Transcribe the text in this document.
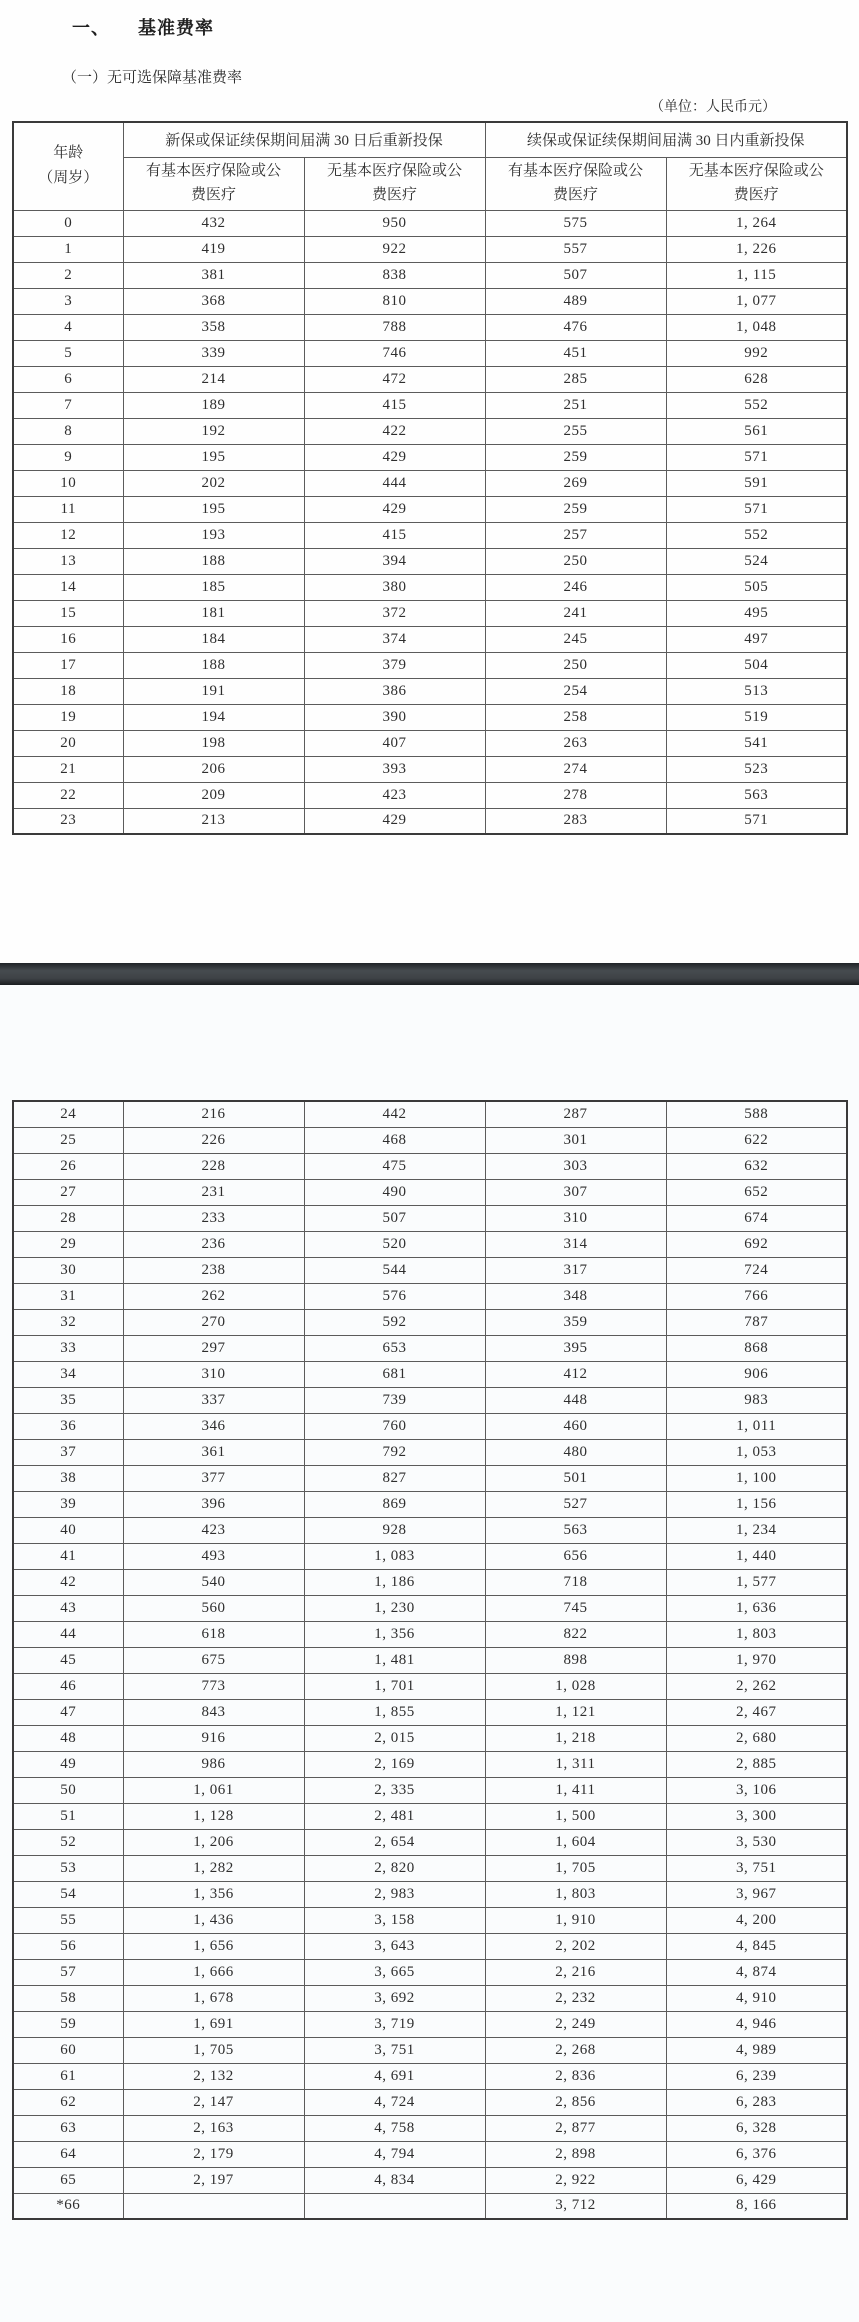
一、 基准费率
（一）无可选保障基准费率
（单位：人民币元）
年龄
（周岁）	新保或保证续保期间届满 30 日后重新投保		续保或保证续保期间届满 30 日内重新投保	
	有基本医疗保险或公费医疗	无基本医疗保险或公费医疗	有基本医疗保险或公费医疗	无基本医疗保险或公费医疗
0	432	950	575	1, 264
1	419	922	557	1, 226
2	381	838	507	1, 115
3	368	810	489	1, 077
4	358	788	476	1, 048
5	339	746	451	992
6	214	472	285	628
7	189	415	251	552
8	192	422	255	561
9	195	429	259	571
10	202	444	269	591
11	195	429	259	571
12	193	415	257	552
13	188	394	250	524
14	185	380	246	505
15	181	372	241	495
16	184	374	245	497
17	188	379	250	504
18	191	386	254	513
19	194	390	258	519
20	198	407	263	541
21	206	393	274	523
22	209	423	278	563
23	213	429	283	571
24	216	442	287	588
25	226	468	301	622
26	228	475	303	632
27	231	490	307	652
28	233	507	310	674
29	236	520	314	692
30	238	544	317	724
31	262	576	348	766
32	270	592	359	787
33	297	653	395	868
34	310	681	412	906
35	337	739	448	983
36	346	760	460	1, 011
37	361	792	480	1, 053
38	377	827	501	1, 100
39	396	869	527	1, 156
40	423	928	563	1, 234
41	493	1, 083	656	1, 440
42	540	1, 186	718	1, 577
43	560	1, 230	745	1, 636
44	618	1, 356	822	1, 803
45	675	1, 481	898	1, 970
46	773	1, 701	1, 028	2, 262
47	843	1, 855	1, 121	2, 467
48	916	2, 015	1, 218	2, 680
49	986	2, 169	1, 311	2, 885
50	1, 061	2, 335	1, 411	3, 106
51	1, 128	2, 481	1, 500	3, 300
52	1, 206	2, 654	1, 604	3, 530
53	1, 282	2, 820	1, 705	3, 751
54	1, 356	2, 983	1, 803	3, 967
55	1, 436	3, 158	1, 910	4, 200
56	1, 656	3, 643	2, 202	4, 845
57	1, 666	3, 665	2, 216	4, 874
58	1, 678	3, 692	2, 232	4, 910
59	1, 691	3, 719	2, 249	4, 946
60	1, 705	3, 751	2, 268	4, 989
61	2, 132	4, 691	2, 836	6, 239
62	2, 147	4, 724	2, 856	6, 283
63	2, 163	4, 758	2, 877	6, 328
64	2, 179	4, 794	2, 898	6, 376
65	2, 197	4, 834	2, 922	6, 429
*66			3, 712	8, 166
